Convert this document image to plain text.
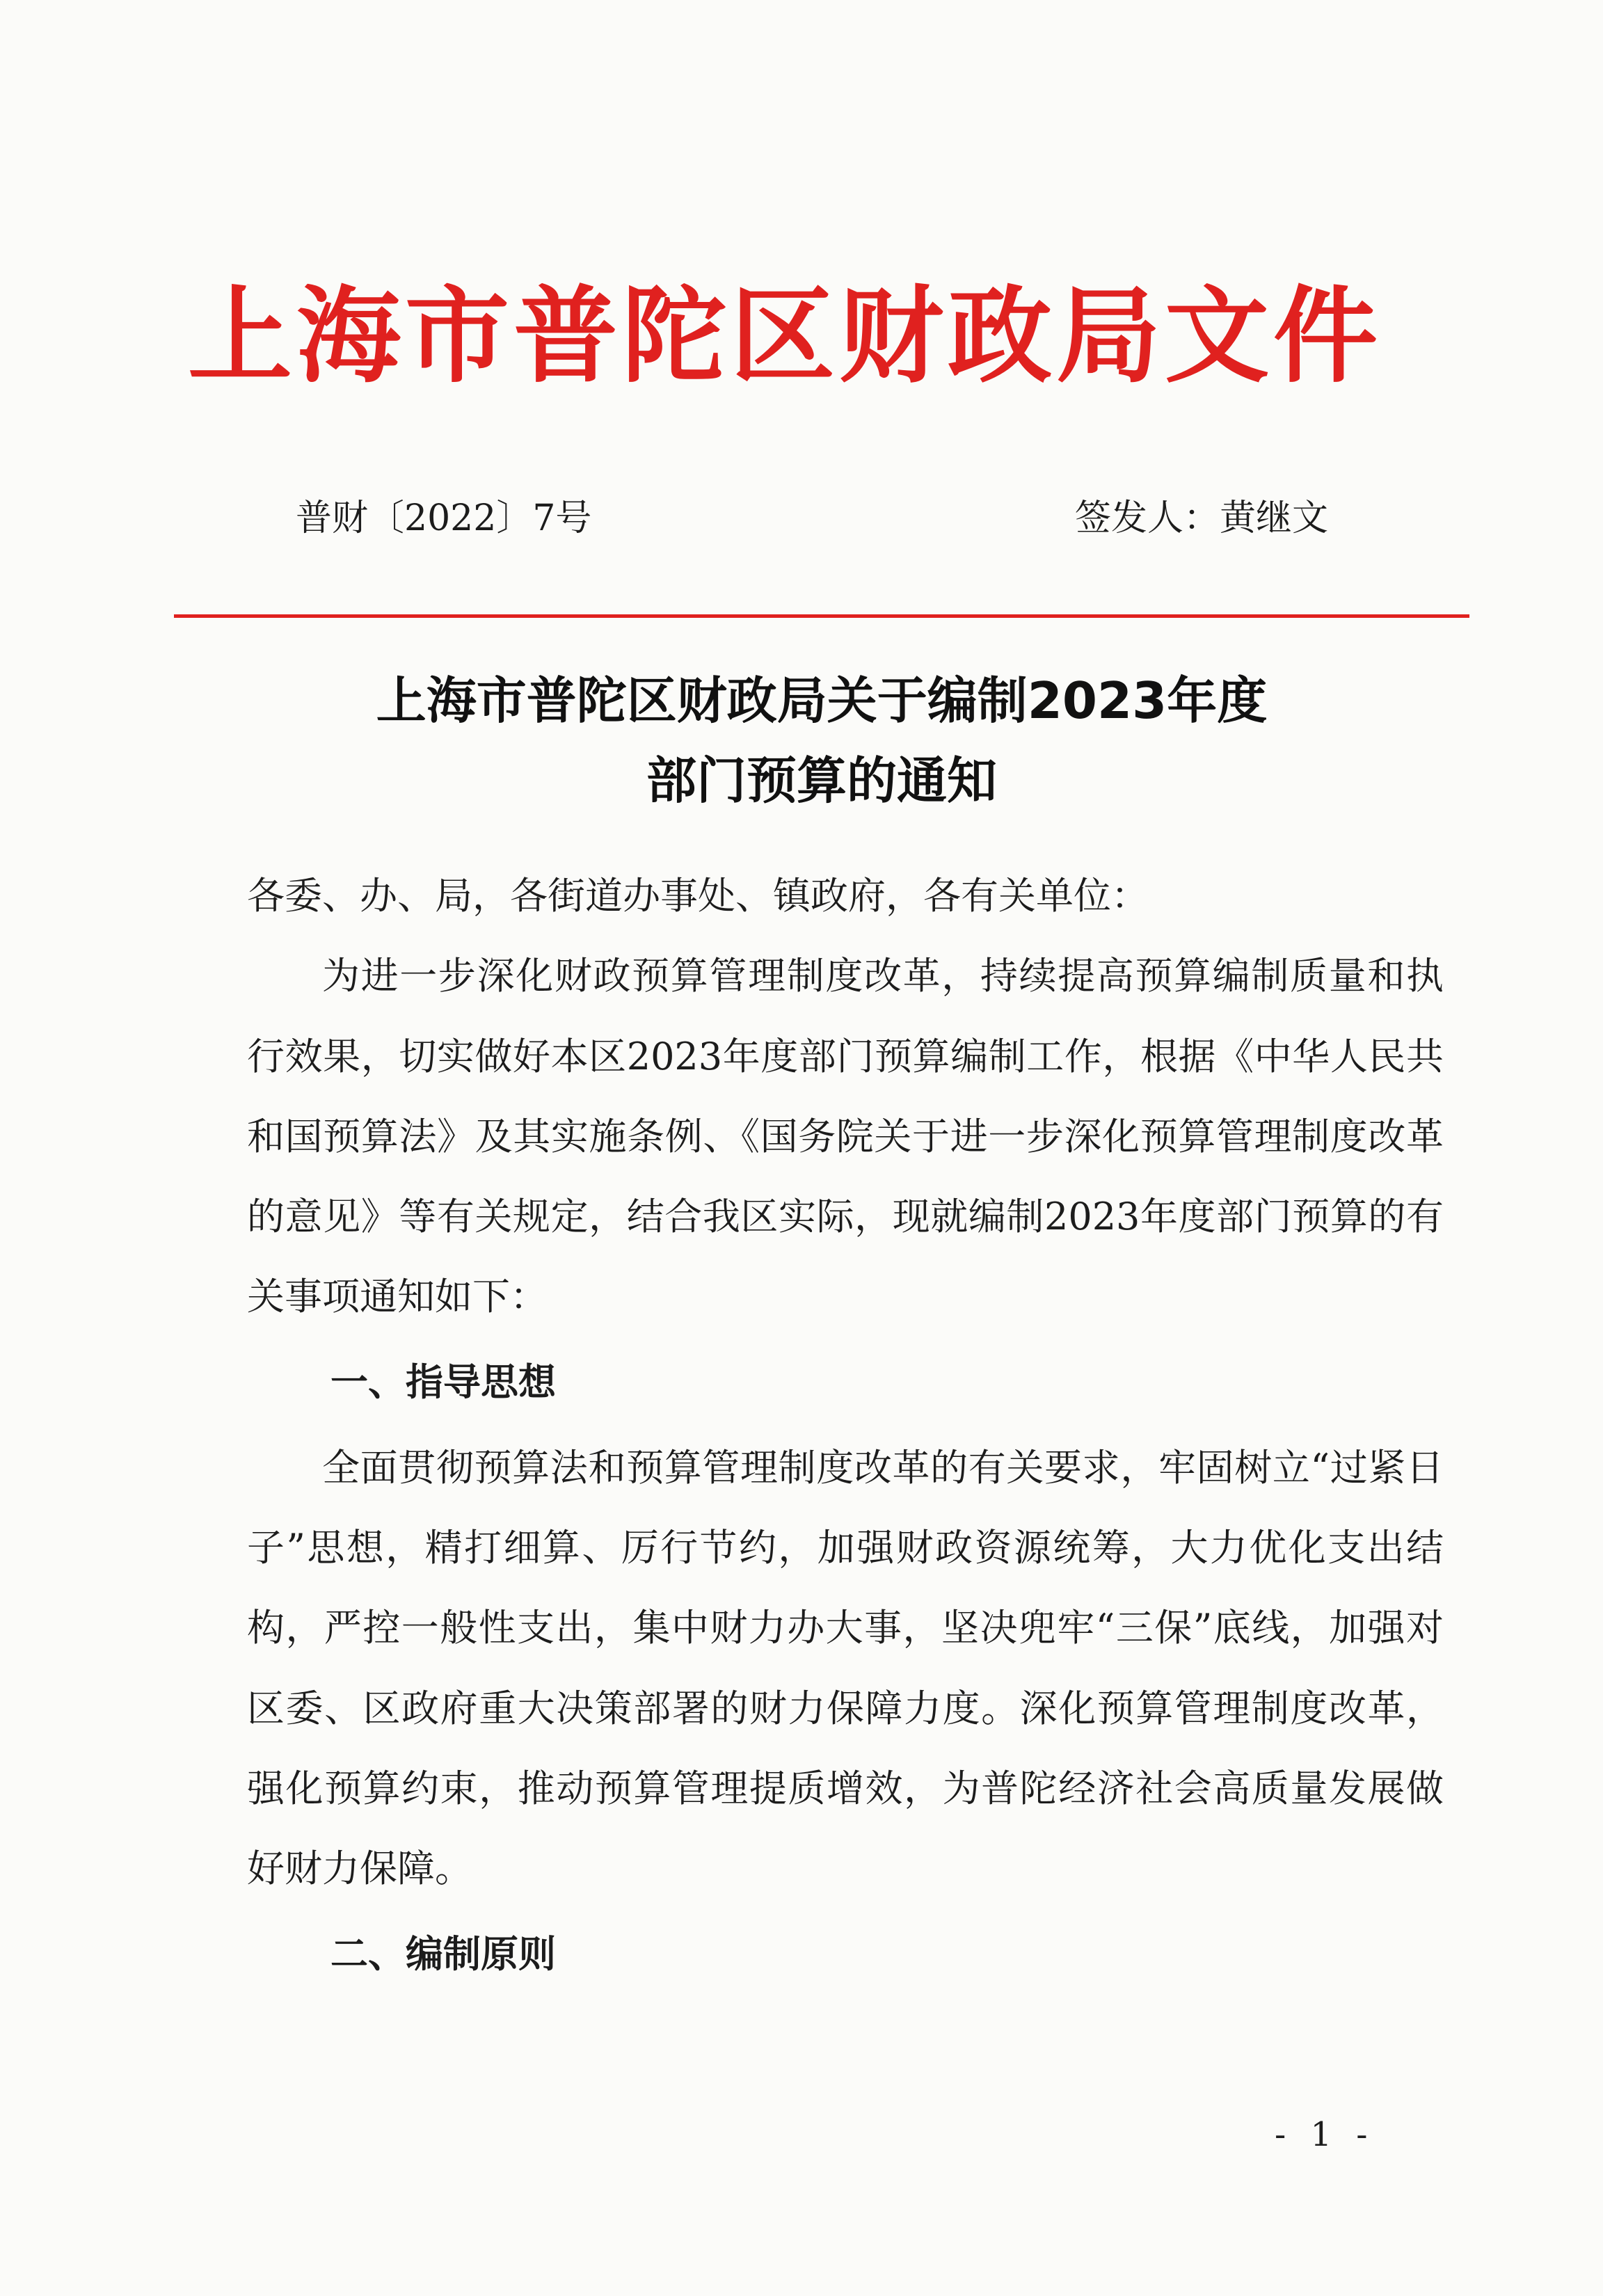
上海市普陀区财政局文件
普财〔2022〕7号	签发人：黄继文
上海市普陀区财政局关于编制2023年度
部门预算的通知

各委、办、局，各街道办事处、镇政府，各有关单位：

为进一步深化财政预算管理制度改革，持续提高预算编制质量和执行效果，切实做好本区2023年度部门预算编制工作，根据《中华人民共和国预算法》及其实施条例、《国务院关于进一步深化预算管理制度改革的意见》等有关规定，结合我区实际，现就编制2023年度部门预算的有关事项通知如下：

一、指导思想

全面贯彻预算法和预算管理制度改革的有关要求，牢固树立“过紧日子”思想，精打细算、厉行节约，加强财政资源统筹，大力优化支出结构，严控一般性支出，集中财力办大事，坚决兜牢“三保”底线，加强对区委、区政府重大决策部署的财力保障力度。深化预算管理制度改革，强化预算约束，推动预算管理提质增效，为普陀经济社会高质量发展做好财力保障。

二、编制原则
- 1 -
